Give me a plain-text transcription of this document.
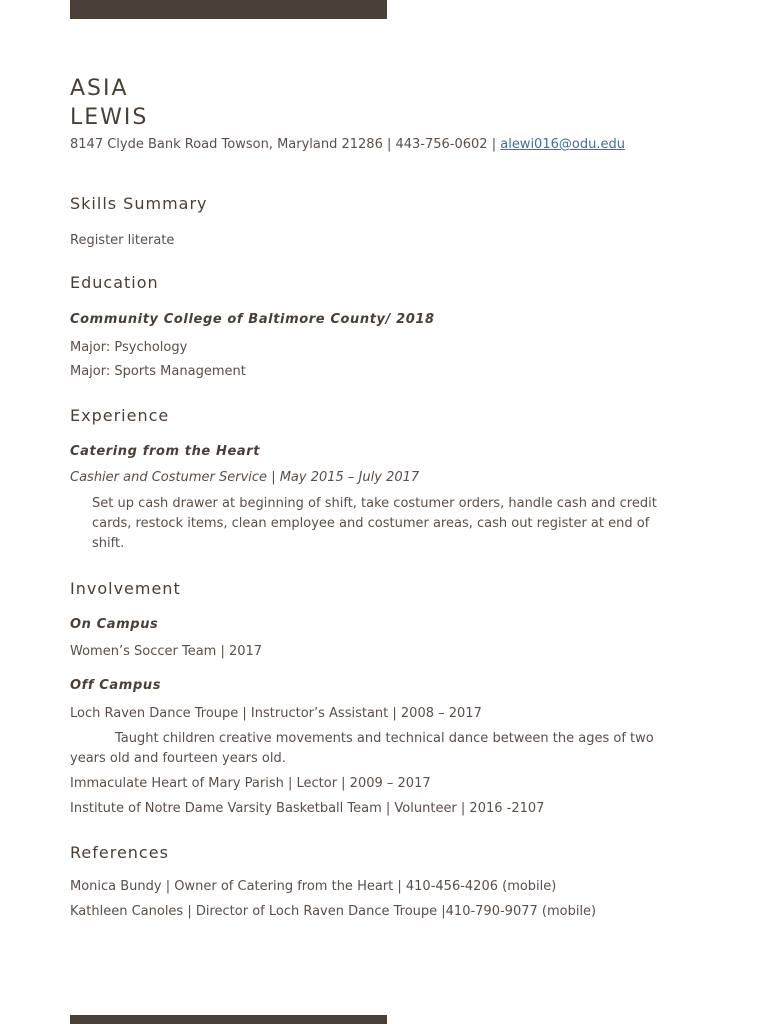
ASIA
LEWIS
8147 Clyde Bank Road Towson, Maryland 21286 | 443-756-0602 | alewi016@odu.edu
Skills Summary
Register literate
Education
Community College of Baltimore County/ 2018
Major: Psychology
Major: Sports Management
Experience
Catering from the Heart
Cashier and Costumer Service | May 2015 – July 2017
Set up cash drawer at beginning of shift, take costumer orders, handle cash and credit cards, restock items, clean employee and costumer areas, cash out register at end of shift.
Involvement
On Campus
Women’s Soccer Team | 2017
Off Campus
Loch Raven Dance Troupe | Instructor’s Assistant | 2008 – 2017
Taught children creative movements and technical dance between the ages of two years old and fourteen years old.
Immaculate Heart of Mary Parish | Lector | 2009 – 2017
Institute of Notre Dame Varsity Basketball Team | Volunteer | 2016 -2107
References
Monica Bundy | Owner of Catering from the Heart | 410-456-4206 (mobile)
Kathleen Canoles | Director of Loch Raven Dance Troupe |410-790-9077 (mobile)
